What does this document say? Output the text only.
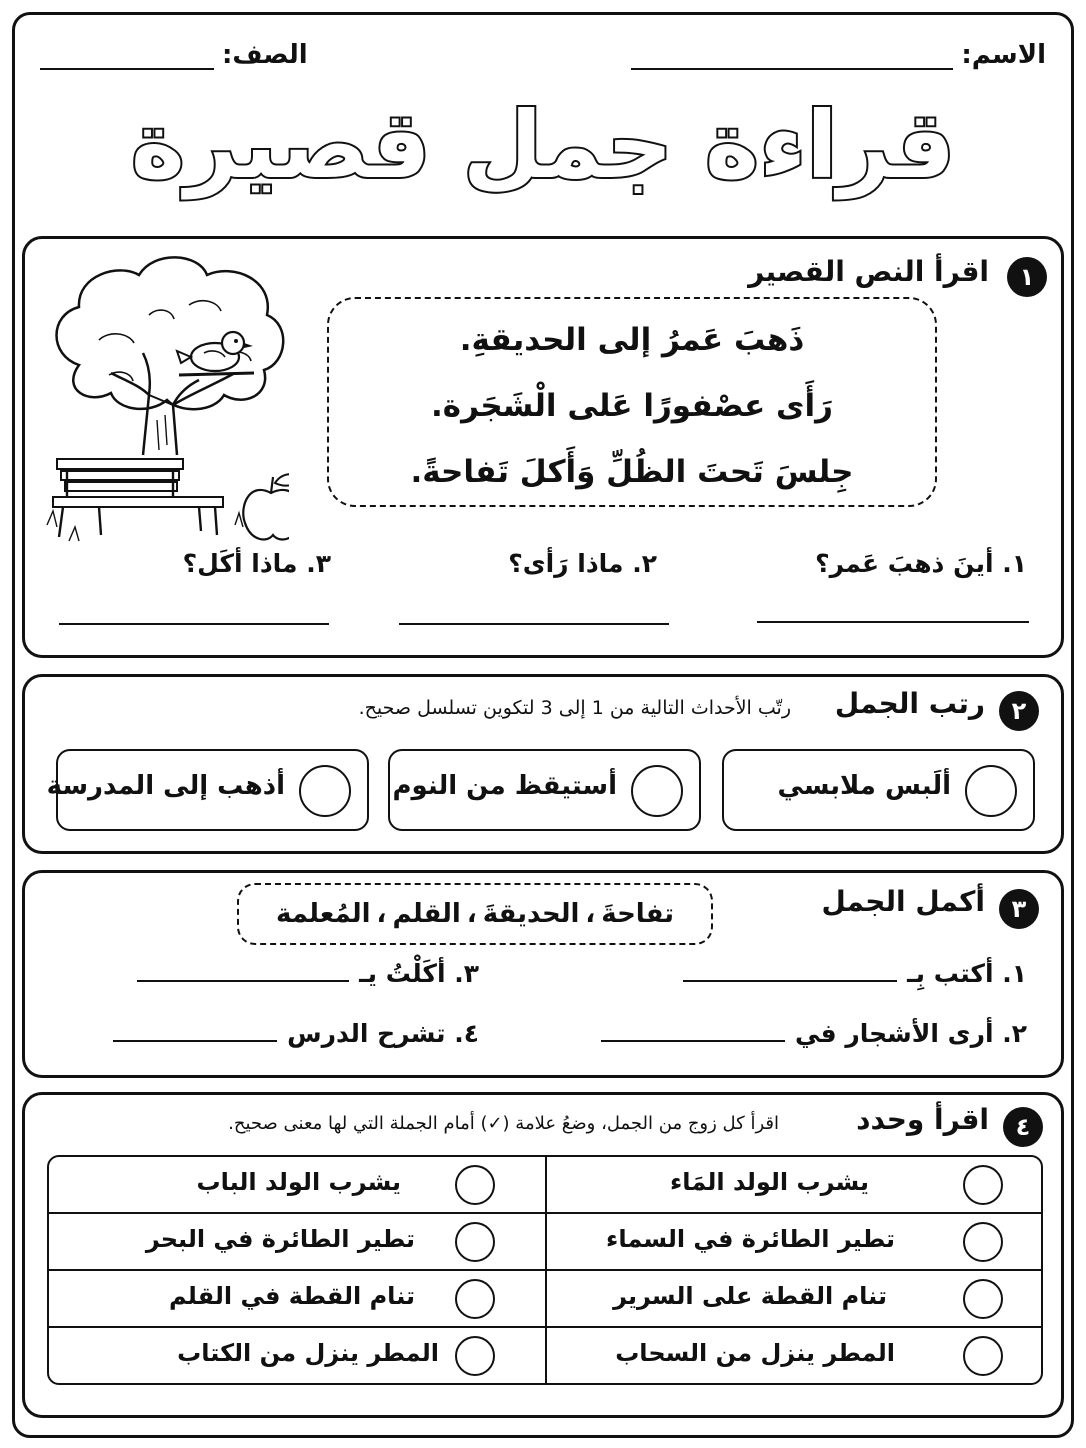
الاسم:
الصف:
قراءة جمل قصيرة
١
اقرأ النص القصير
ذَهبَ عَمرُ إلى الحديقةِ.
رَأَى عصْفورًا عَلى الْشَجَرة.
جِلسَ تَحتَ الظُلِّ وَأَكلَ تَفاحةً.
١. أينَ ذهبَ عَمر؟
٢. ماذا رَأى؟
٣. ماذا أكَل؟
٢
رتب الجمل
رتّب الأحداث التالية من 1 إلى 3 لتكوين تسلسل صحيح.
ألَبس ملابسي
أستيقظ من النوم
أذهب إلى المدرسة
٣
أكمل الجمل
تفاحةَ
،
الحديقةَ
،
القلم
،
المُعلمة
١. أكتب بِـ
٣. أكَلْتُ يـ
٢. أرى الأشجار في
٤. تشرح الدرس
٤
اقرأ وحدد
اقرأ كل زوج من الجمل، وضعُ علامة (✓) أمام الجملة التي لها معنى صحيح.
يشرب الولد المَاء
يشرب الولد الباب
تطير الطائرة في السماء
تطير الطائرة في البحر
تنام القطة على السرير
تنام القطة في القلم
المطر ينزل من السحاب
المطر ينزل من الكتاب
